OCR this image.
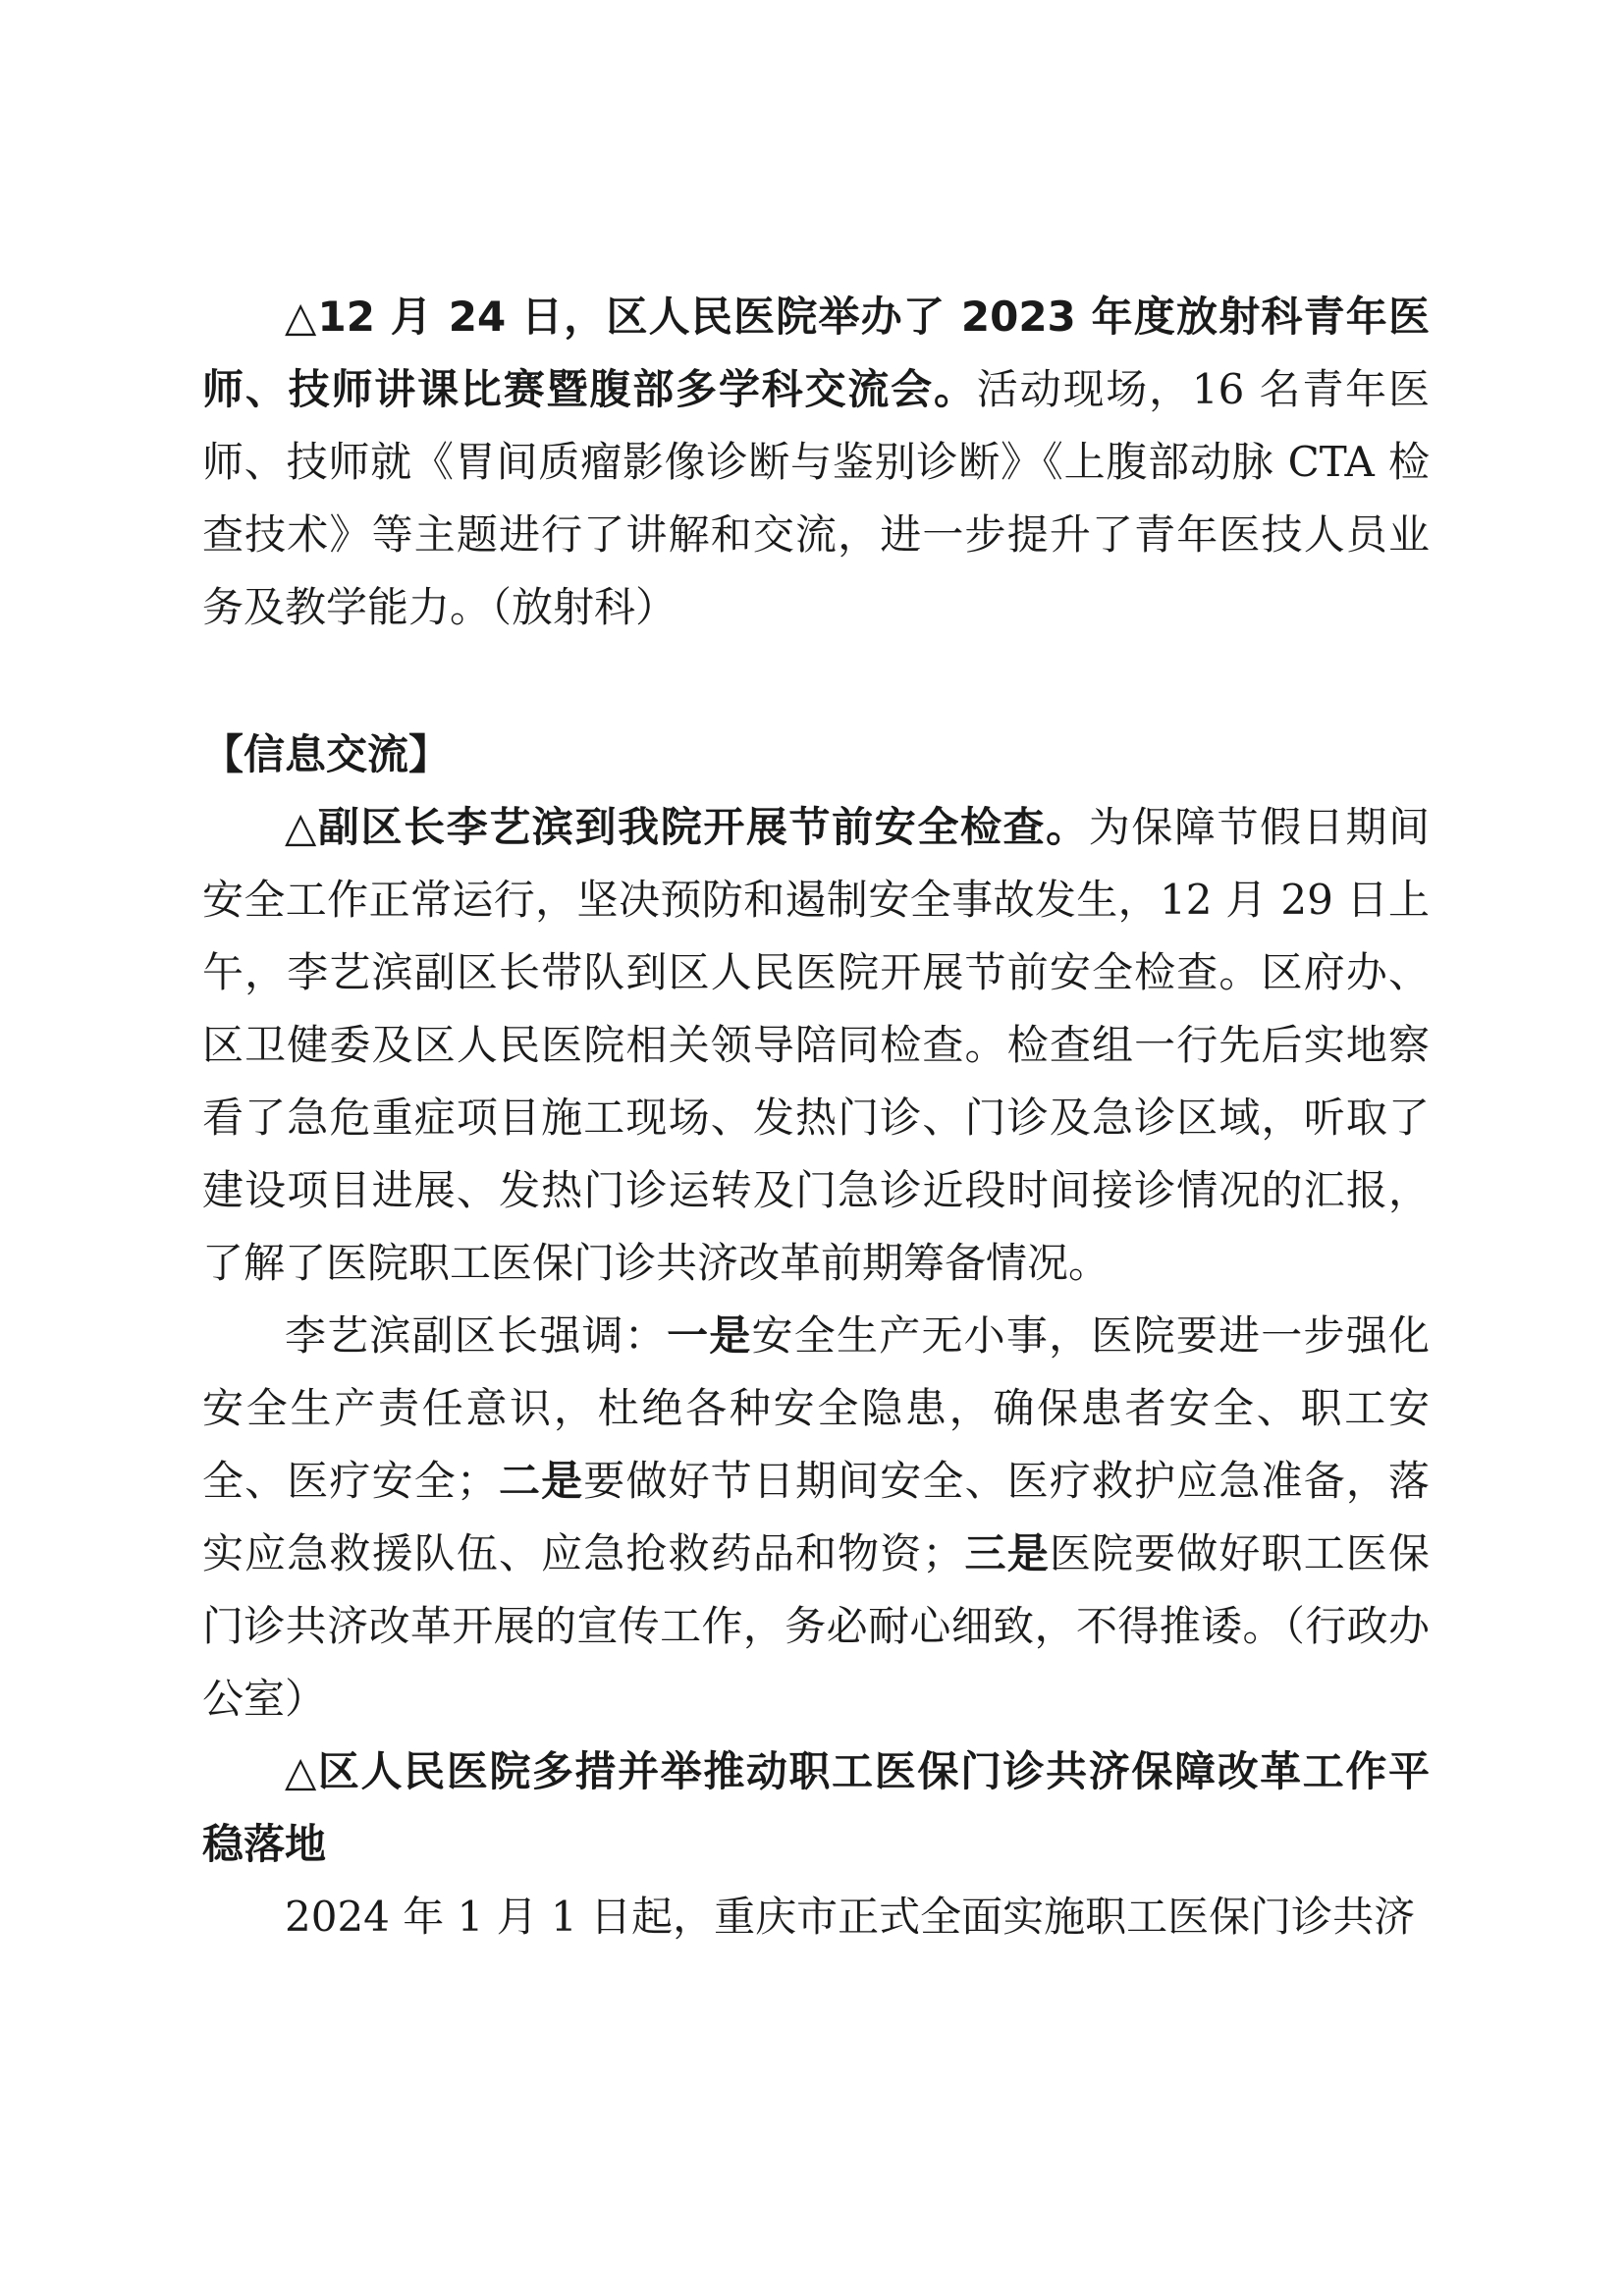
△12 月 24 日，区人民医院举办了 2023 年度放射科青年医师、技师讲课比赛暨腹部多学科交流会。活动现场，16 名青年医师、技师就《胃间质瘤影像诊断与鉴别诊断》《上腹部动脉 CTA 检查技术》等主题进行了讲解和交流，进一步提升了青年医技人员业务及教学能力。（放射科）

【信息交流】

△副区长李艺滨到我院开展节前安全检查。为保障节假日期间安全工作正常运行，坚决预防和遏制安全事故发生，12 月 29 日上午，李艺滨副区长带队到区人民医院开展节前安全检查。区府办、区卫健委及区人民医院相关领导陪同检查。检查组一行先后实地察看了急危重症项目施工现场、发热门诊、门诊及急诊区域，听取了建设项目进展、发热门诊运转及门急诊近段时间接诊情况的汇报，了解了医院职工医保门诊共济改革前期筹备情况。

李艺滨副区长强调：一是安全生产无小事，医院要进一步强化安全生产责任意识，杜绝各种安全隐患，确保患者安全、职工安全、医疗安全；二是要做好节日期间安全、医疗救护应急准备，落实应急救援队伍、应急抢救药品和物资；三是医院要做好职工医保门诊共济改革开展的宣传工作，务必耐心细致，不得推诿。（行政办公室）

△区人民医院多措并举推动职工医保门诊共济保障改革工作平稳落地

2024 年 1 月 1 日起，重庆市正式全面实施职工医保门诊共济
